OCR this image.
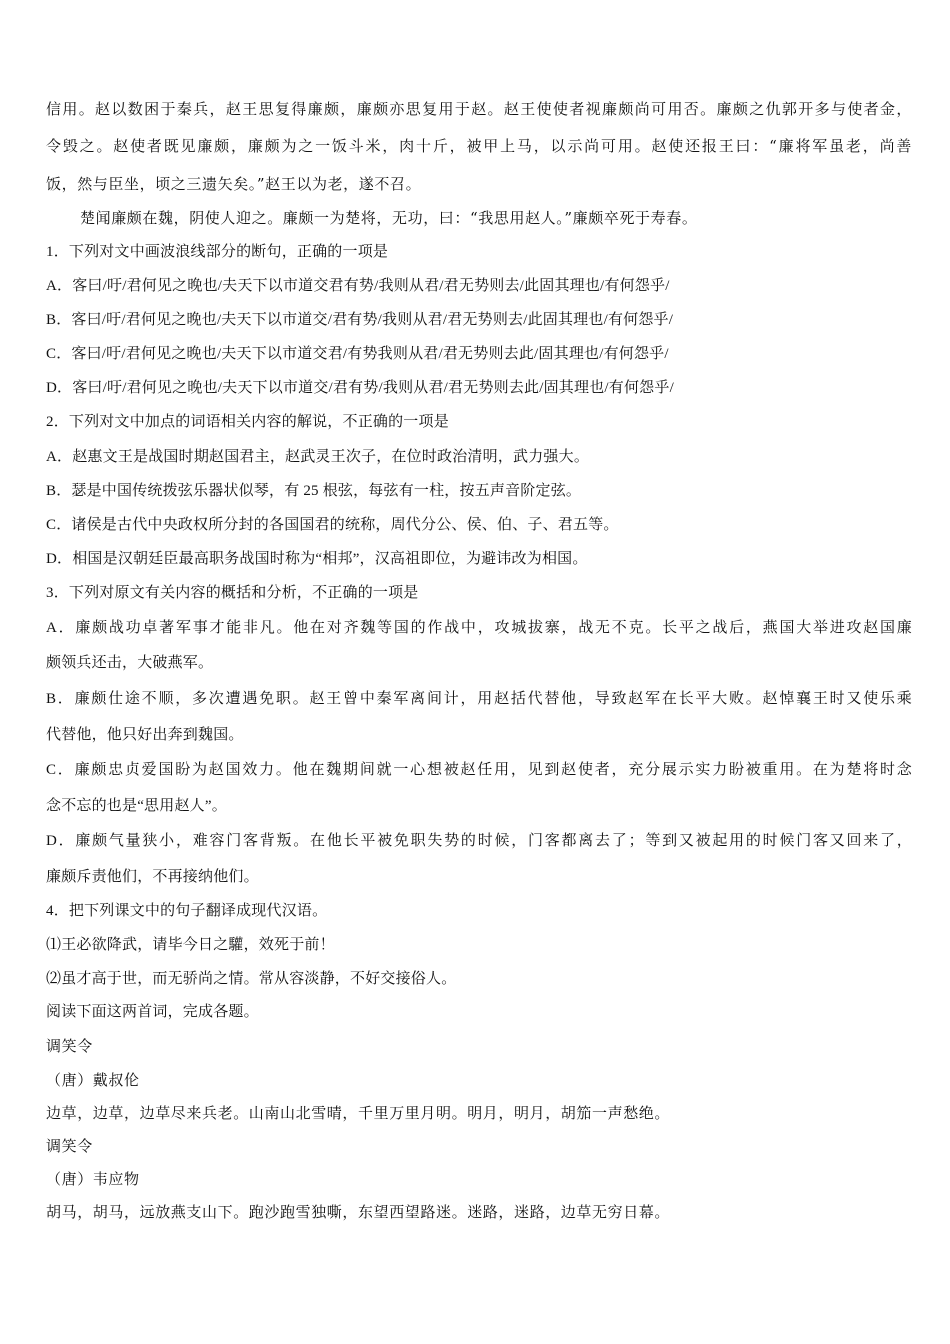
信用。赵以数困于秦兵，赵王思复得廉颇，廉颇亦思复用于赵。赵王使使者视廉颇尚可用否。廉颇之仇郭开多与使者金，
令毁之。赵使者既见廉颇，廉颇为之一饭斗米，肉十斤，被甲上马，以示尚可用。赵使还报王曰：“廉将军虽老，尚善
饭，然与臣坐，顷之三遗矢矣。”赵王以为老，遂不召。
楚闻廉颇在魏，阴使人迎之。廉颇一为楚将，无功，曰：“我思用赵人。”廉颇卒死于寿春。
1．下列对文中画波浪线部分的断句，正确的一项是
A．客曰/吁/君何见之晚也/夫天下以市道交君有势/我则从君/君无势则去/此固其理也/有何怨乎/
B．客曰/吁/君何见之晚也/夫天下以市道交/君有势/我则从君/君无势则去/此固其理也/有何怨乎/
C．客曰/吁/君何见之晚也/夫天下以市道交君/有势我则从君/君无势则去此/固其理也/有何怨乎/
D．客曰/吁/君何见之晚也/夫天下以市道交/君有势/我则从君/君无势则去此/固其理也/有何怨乎/
2．下列对文中加点的词语相关内容的解说，不正确的一项是
A．赵惠文王是战国时期赵国君主，赵武灵王次子，在位时政治清明，武力强大。
B．瑟是中国传统拨弦乐器状似琴，有 25 根弦，每弦有一柱，按五声音阶定弦。
C．诸侯是古代中央政权所分封的各国国君的统称，周代分公、侯、伯、子、君五等。
D．相国是汉朝廷臣最高职务战国时称为“相邦”，汉高祖即位，为避讳改为相国。
3．下列对原文有关内容的概括和分析，不正确的一项是
A．廉颇战功卓著军事才能非凡。他在对齐魏等国的作战中，攻城拔寨，战无不克。长平之战后，燕国大举进攻赵国廉
颇领兵还击，大破燕军。
B．廉颇仕途不顺，多次遭遇免职。赵王曾中秦军离间计，用赵括代替他，导致赵军在长平大败。赵悼襄王时又使乐乘
代替他，他只好出奔到魏国。
C．廉颇忠贞爱国盼为赵国效力。他在魏期间就一心想被赵任用，见到赵使者，充分展示实力盼被重用。在为楚将时念
念不忘的也是“思用赵人”。
D．廉颇气量狭小，难容门客背叛。在他长平被免职失势的时候，门客都离去了；等到又被起用的时候门客又回来了，
廉颇斥责他们，不再接纳他们。
4．把下列课文中的句子翻译成现代汉语。
⑴王必欲降武，请毕今日之驩，效死于前！
⑵虽才高于世，而无骄尚之情。常从容淡静，不好交接俗人。
阅读下面这两首词，完成各题。
调笑令
（唐）戴叔伦
边草，边草，边草尽来兵老。山南山北雪晴，千里万里月明。明月，明月，胡笳一声愁绝。
调笑令
（唐）韦应物
胡马，胡马，远放燕支山下。跑沙跑雪独嘶，东望西望路迷。迷路，迷路，边草无穷日幕。
